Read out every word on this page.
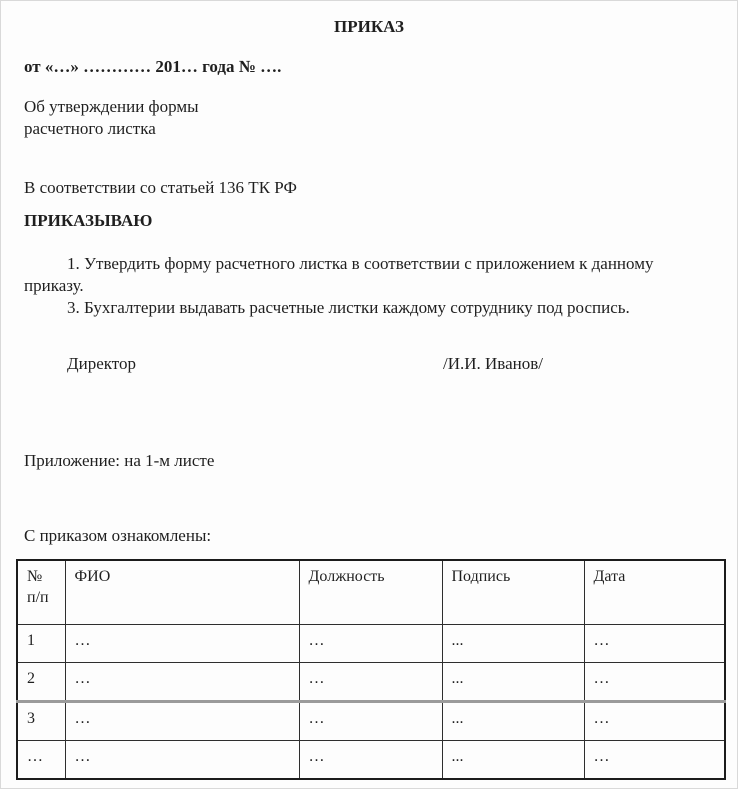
ПРИКАЗ

от «…» ………… 201… года № ….

Об утверждении формы
расчетного листка

В соответствии со статьей 136 ТК РФ

ПРИКАЗЫВАЮ

1. Утвердить форму расчетного листка в соответствии с приложением к данному приказу.

3. Бухгалтерии выдавать расчетные листки каждому сотруднику под роспись.

Директор	/И.И. Иванов/

Приложение: на 1-м листе

С приказом ознакомлены:

№ п/п	ФИО	Должность	Подпись	Дата
1	…	…	...	…
2	…	…	...	…
3	…	…	...	…
…	…	…	...	…
